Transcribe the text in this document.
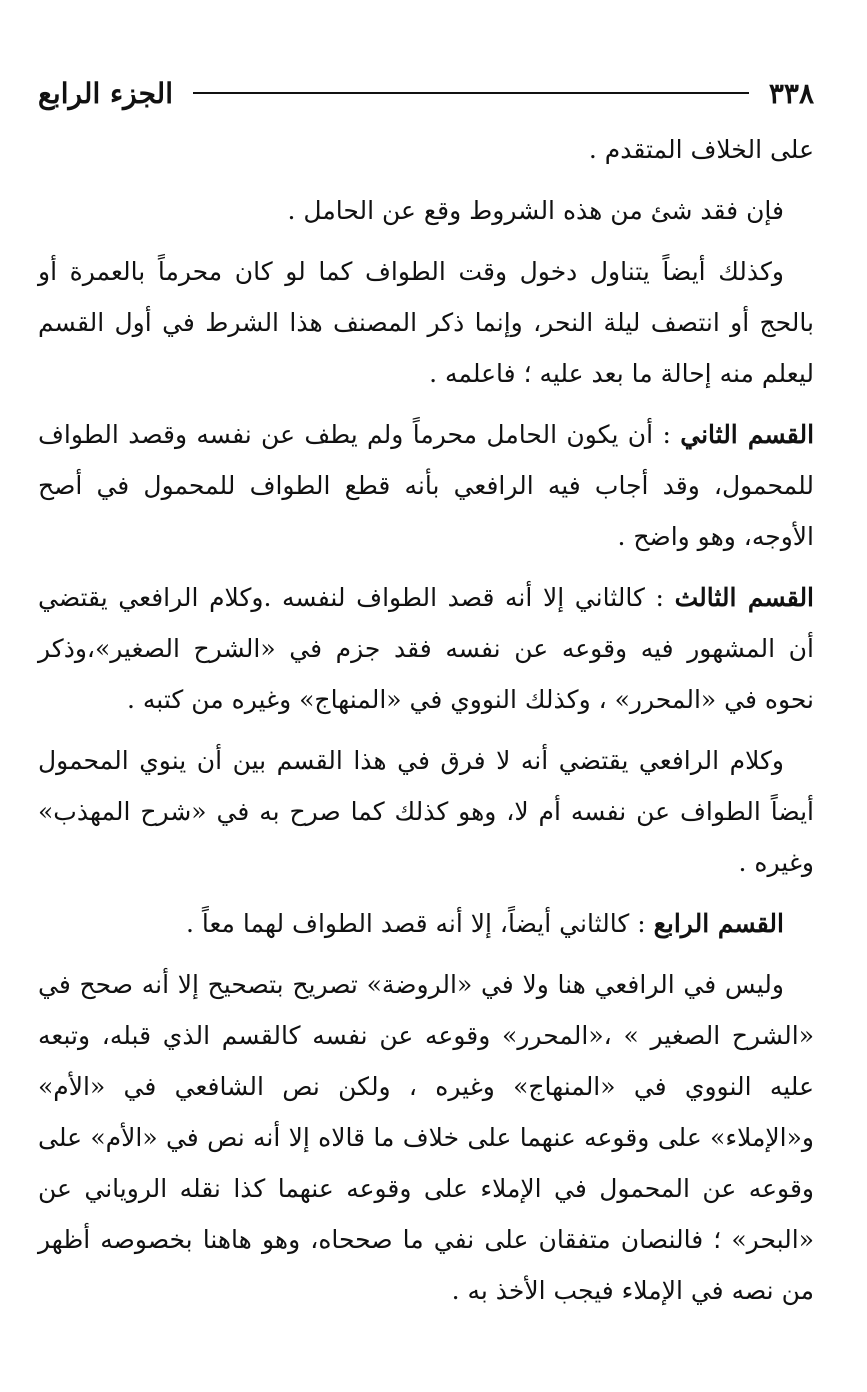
٣٣٨
الجزء الرابع

على الخلاف المتقدم .

فإن فقد شئ من هذه الشروط وقع عن الحامل .

وكذلك أيضاً يتناول دخول وقت الطواف كما لو كان محرماً بالعمرة أو بالحج أو انتصف ليلة النحر، وإنما ذكر المصنف هذا الشرط في أول القسم ليعلم منه إحالة ما بعد عليه ؛ فاعلمه .

القسم الثاني : أن يكون الحامل محرماً ولم يطف عن نفسه وقصد الطواف للمحمول، وقد أجاب فيه الرافعي بأنه قطع الطواف للمحمول في أصح الأوجه، وهو واضح .

القسم الثالث : كالثاني إلا أنه قصد الطواف لنفسه .وكلام الرافعي يقتضي أن المشهور فيه وقوعه عن نفسه فقد جزم في «الشرح الصغير»،وذكر نحوه في «المحرر» ، وكذلك النووي في «المنهاج» وغيره من كتبه .

وكلام الرافعي يقتضي أنه لا فرق في هذا القسم بين أن ينوي المحمول أيضاً الطواف عن نفسه أم لا، وهو كذلك كما صرح به في «شرح المهذب» وغيره .

القسم الرابع : كالثاني أيضاً، إلا أنه قصد الطواف لهما معاً .

وليس في الرافعي هنا ولا في «الروضة» تصريح بتصحيح إلا أنه صحح في «الشرح الصغير » ،«المحرر» وقوعه عن نفسه كالقسم الذي قبله، وتبعه عليه النووي في «المنهاج» وغيره ، ولكن نص الشافعي في «الأم» و«الإملاء» على وقوعه عنهما على خلاف ما قالاه إلا أنه نص في «الأم» على وقوعه عن المحمول في الإملاء على وقوعه عنهما كذا نقله الروياني عن «البحر» ؛ فالنصان متفقان على نفي ما صححاه، وهو هاهنا بخصوصه أظهر من نصه في الإملاء فيجب الأخذ به .
